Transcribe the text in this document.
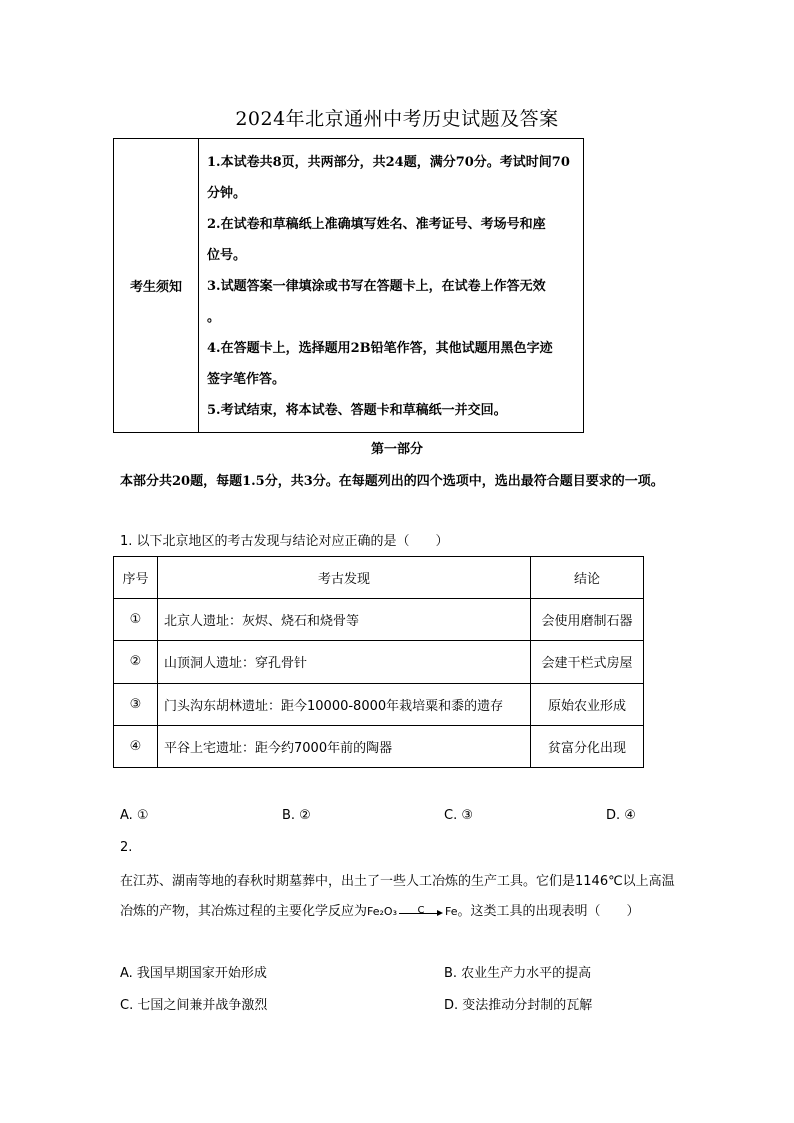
2024年北京通州中考历史试题及答案
考生须知	
1.本试卷共8页，共两部分，共24题，满分70分。考试时间70
分钟。
2.在试卷和草稿纸上准确填写姓名、准考证号、考场号和座
位号。
3.试题答案一律填涂或书写在答题卡上，在试卷上作答无效
。
4.在答题卡上，选择题用2B铅笔作答，其他试题用黑色字迹
签字笔作答。
5.考试结束，将本试卷、答题卡和草稿纸一并交回。
第一部分
本部分共20题，每题1.5分，共3分。在每题列出的四个选项中，选出最符合题目要求的一项。
1. 以下北京地区的考古发现与结论对应正确的是（　　）
序号	考古发现	结论
①	北京人遗址：灰烬、烧石和烧骨等	会使用磨制石器
②	山顶洞人遗址：穿孔骨针	会建干栏式房屋
③	门头沟东胡林遗址：距今10000-8000年栽培粟和黍的遗存	原始农业形成
④	平谷上宅遗址：距今约7000年前的陶器	贫富分化出现
A. ①	B. ②	C. ③	D. ④
2.
在江苏、湖南等地的春秋时期墓葬中，出土了一些人工冶炼的生产工具。它们是1146℃以上高温冶炼的产物，其冶炼过程的主要化学反应为Fe₂O₃	C	Fe。这类工具的出现表明（　　）
A. 我国早期国家开始形成	B. 农业生产力水平的提高
C. 七国之间兼并战争激烈	D. 变法推动分封制的瓦解
